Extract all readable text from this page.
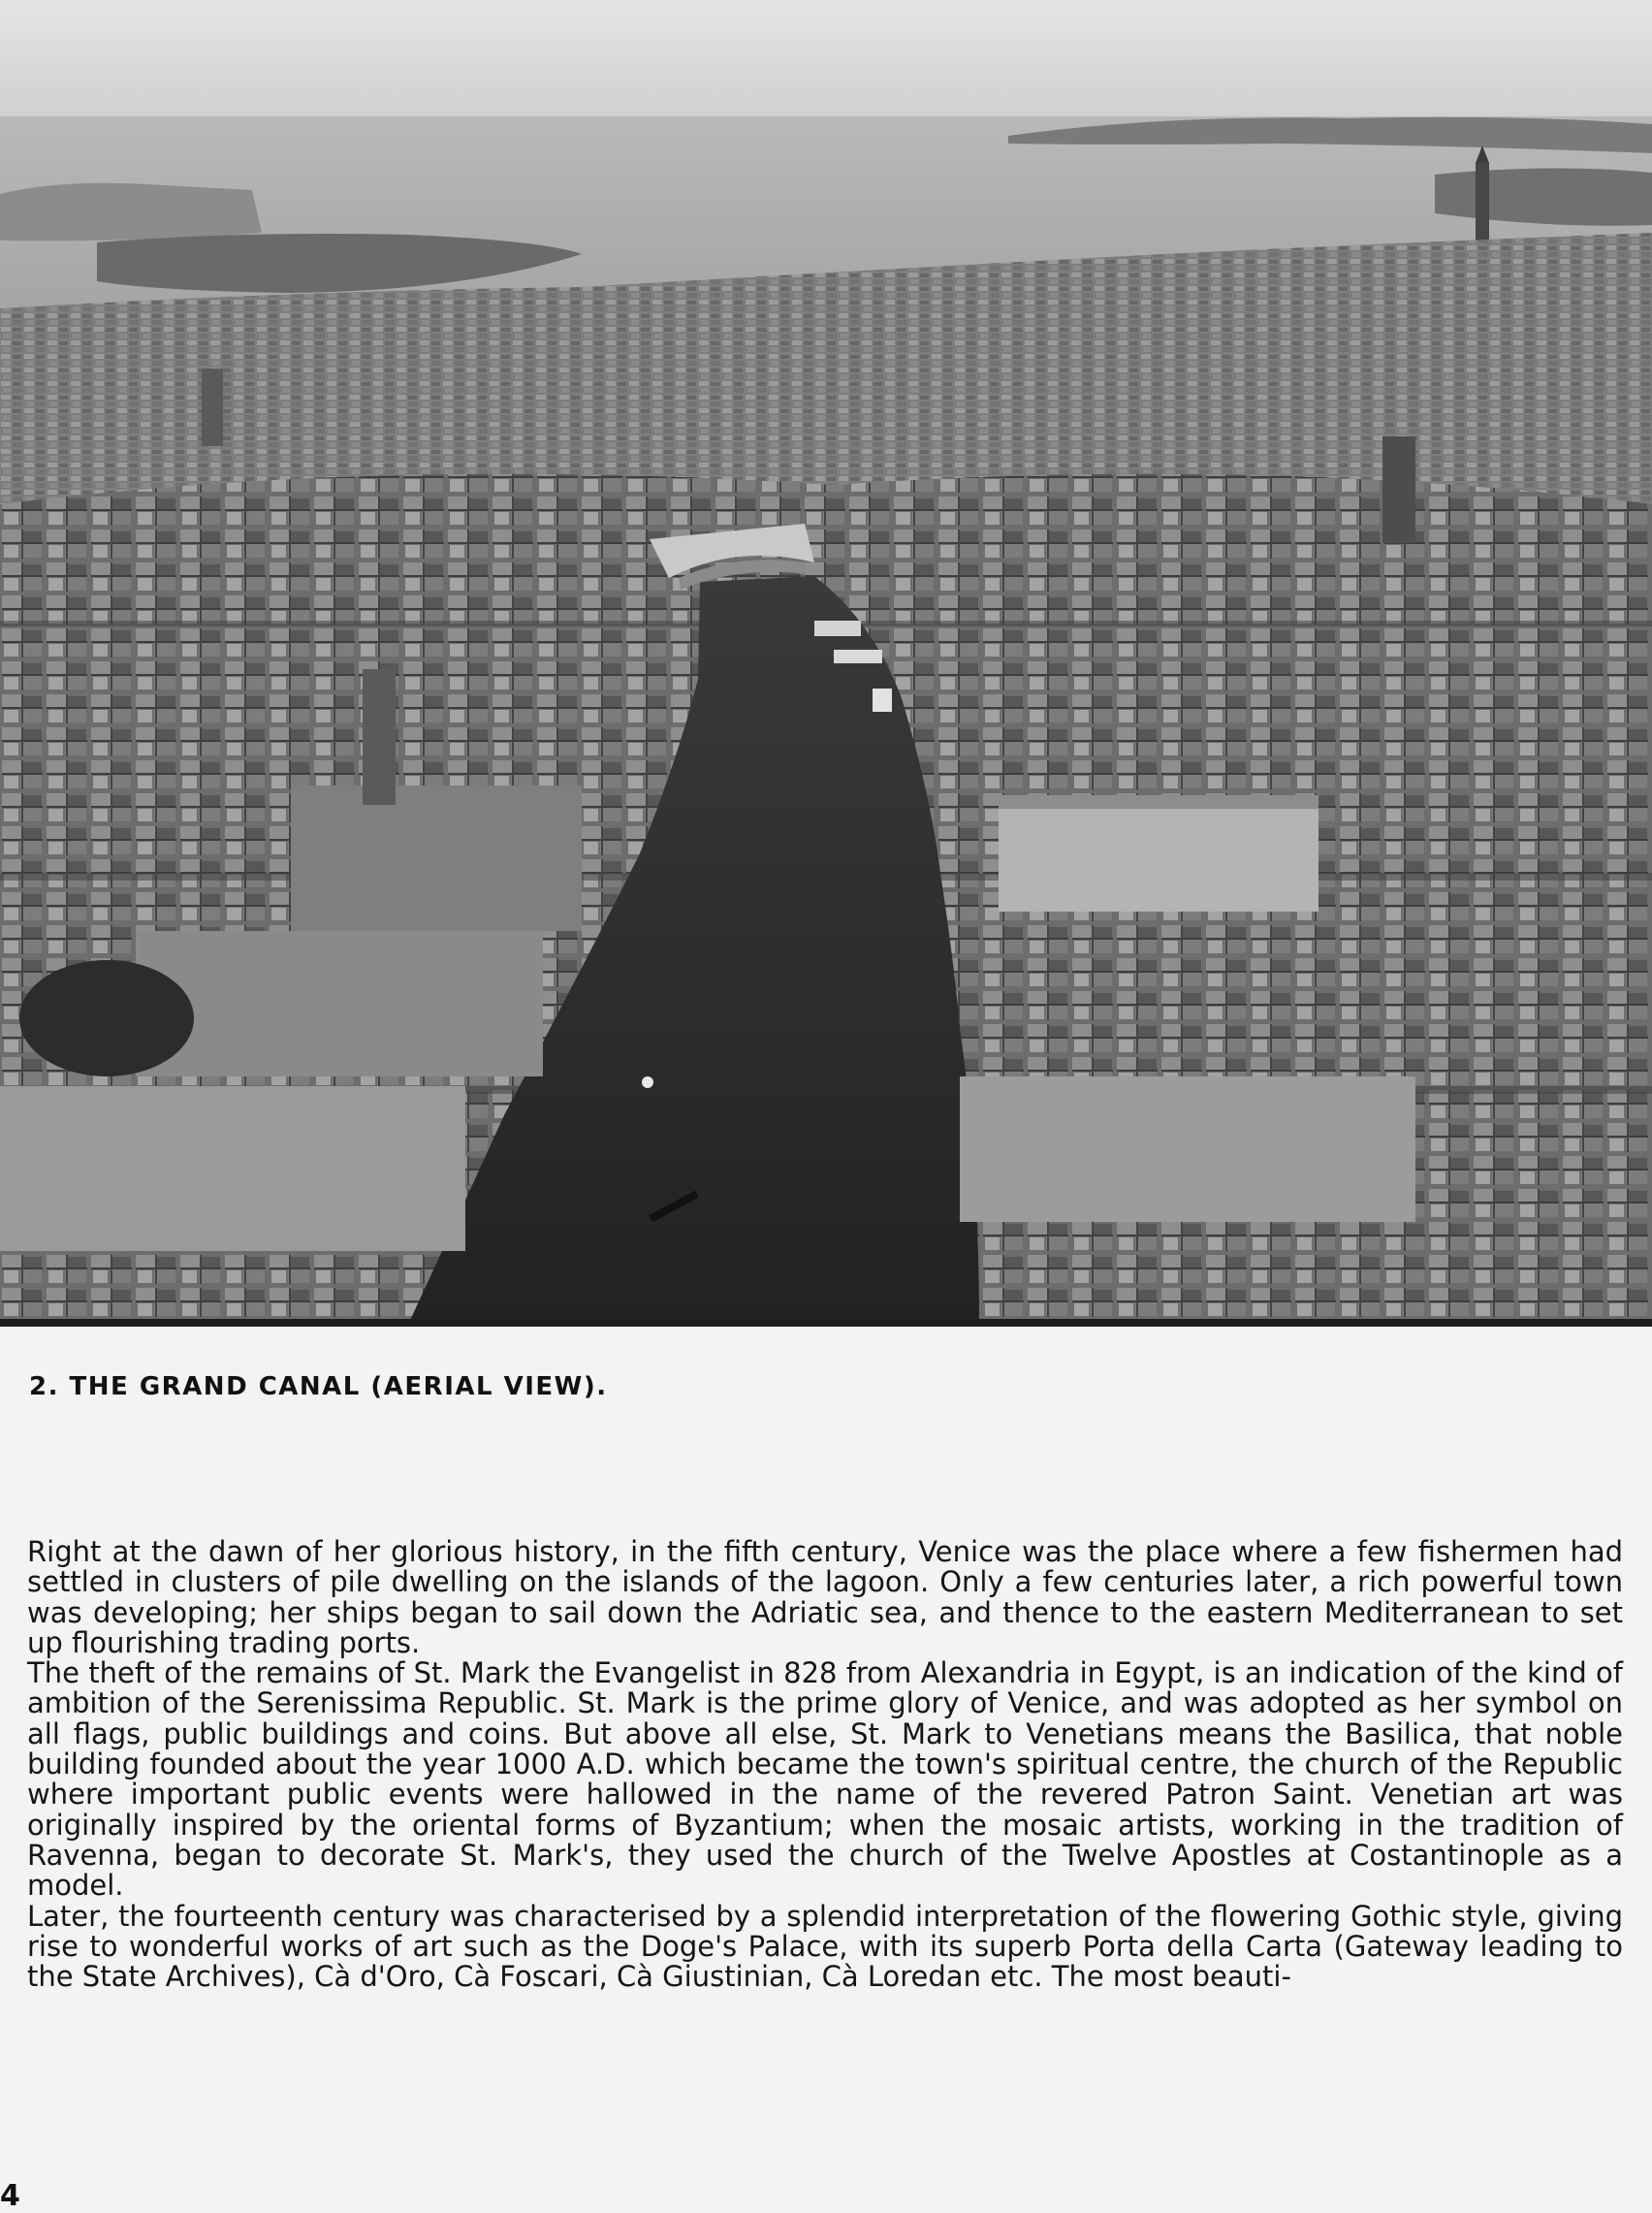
2. THE GRAND CANAL (AERIAL VIEW).

Right at the dawn of her glorious history, in the fifth century, Venice was the place where a few fishermen had settled in clusters of pile dwelling on the islands of the lagoon. Only a few centuries later, a rich powerful town was developing; her ships began to sail down the Adriatic sea, and thence to the eastern Mediterranean to set up flourishing trading ports.

The theft of the remains of St. Mark the Evangelist in 828 from Alexandria in Egypt, is an indication of the kind of ambition of the Serenissima Republic. St. Mark is the prime glory of Venice, and was adopted as her symbol on all flags, public buildings and coins. But above all else, St. Mark to Venetians means the Basilica, that noble building founded about the year 1000 A.D. which became the town's spiritual centre, the church of the Republic where important public events were hallowed in the name of the revered Patron Saint. Venetian art was originally inspired by the oriental forms of Byzantium; when the mosaic artists, working in the tradition of Ravenna, began to decorate St. Mark's, they used the church of the Twelve Apostles at Costantinople as a model.

Later, the fourteenth century was characterised by a splendid interpretation of the flowering Gothic style, giving rise to wonderful works of art such as the Doge's Palace, with its superb Porta della Carta (Gateway leading to the State Archives), Cà d'Oro, Cà Foscari, Cà Giustinian, Cà Loredan etc. The most beauti-

4
